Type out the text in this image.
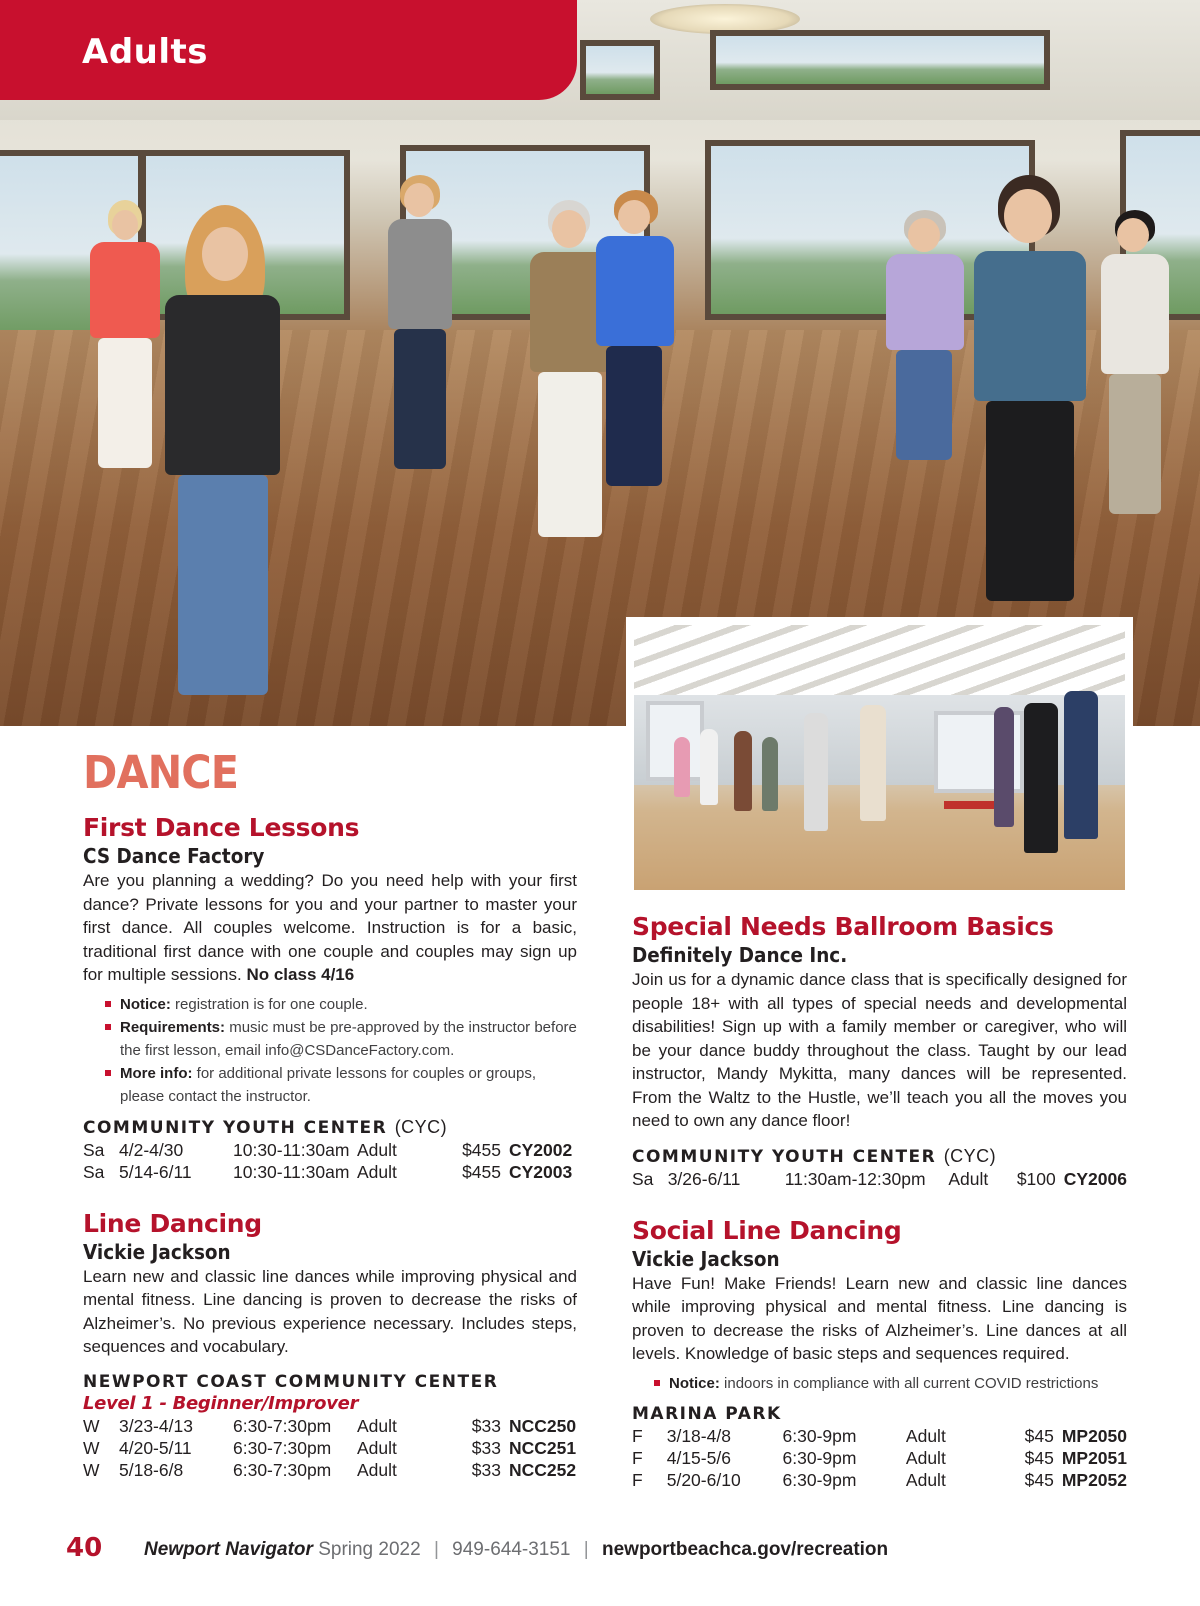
Adults
DANCE
First Dance Lessons
CS Dance Factory

Are you planning a wedding? Do you need help with your first dance? Private lessons for you and your partner to master your first dance. All couples welcome. Instruction is for a basic, traditional first dance with one couple and couples may sign up for multiple sessions. No class 4/16

Notice: registration is for one couple.
Requirements: music must be pre-approved by the instructor before the first lesson, email info@CSDanceFactory.com.
More info: for additional private lessons for couples or groups, please contact the instructor.
COMMUNITY YOUTH CENTER (CYC)
Sa	4/2-4/30	10:30-11:30am	Adult	$455	CY2002
Sa	5/14-6/11	10:30-11:30am	Adult	$455	CY2003
Line Dancing
Vickie Jackson

Learn new and classic line dances while improving physical and mental fitness. Line dancing is proven to decrease the risks of Alzheimer’s. No previous experience necessary. Includes steps, sequences and vocabulary.

NEWPORT COAST COMMUNITY CENTER
Level 1 - Beginner/Improver
W	3/23-4/13	6:30-7:30pm	Adult	$33	NCC250
W	4/20-5/11	6:30-7:30pm	Adult	$33	NCC251
W	5/18-6/8	6:30-7:30pm	Adult	$33	NCC252
Special Needs Ballroom Basics
Definitely Dance Inc.

Join us for a dynamic dance class that is specifically designed for people 18+ with all types of special needs and developmental disabilities! Sign up with a family member or caregiver, who will be your dance buddy throughout the class. Taught by our lead instructor, Mandy Mykitta, many dances will be represented. From the Waltz to the Hustle, we’ll teach you all the moves you need to own any dance floor!

COMMUNITY YOUTH CENTER (CYC)
Sa	3/26-6/11	11:30am-12:30pm	Adult	$100	CY2006
Social Line Dancing
Vickie Jackson

Have Fun! Make Friends! Learn new and classic line dances while improving physical and mental fitness. Line dancing is proven to decrease the risks of Alzheimer’s. Line dances at all levels. Knowledge of basic steps and sequences required.

Notice: indoors in compliance with all current COVID restrictions
MARINA PARK
F	3/18-4/8	6:30-9pm	Adult	$45	MP2050
F	4/15-5/6	6:30-9pm	Adult	$45	MP2051
F	5/20-6/10	6:30-9pm	Adult	$45	MP2052
40 Newport Navigator Spring 2022 | 949-644-3151 | newportbeachca.gov/recreation
